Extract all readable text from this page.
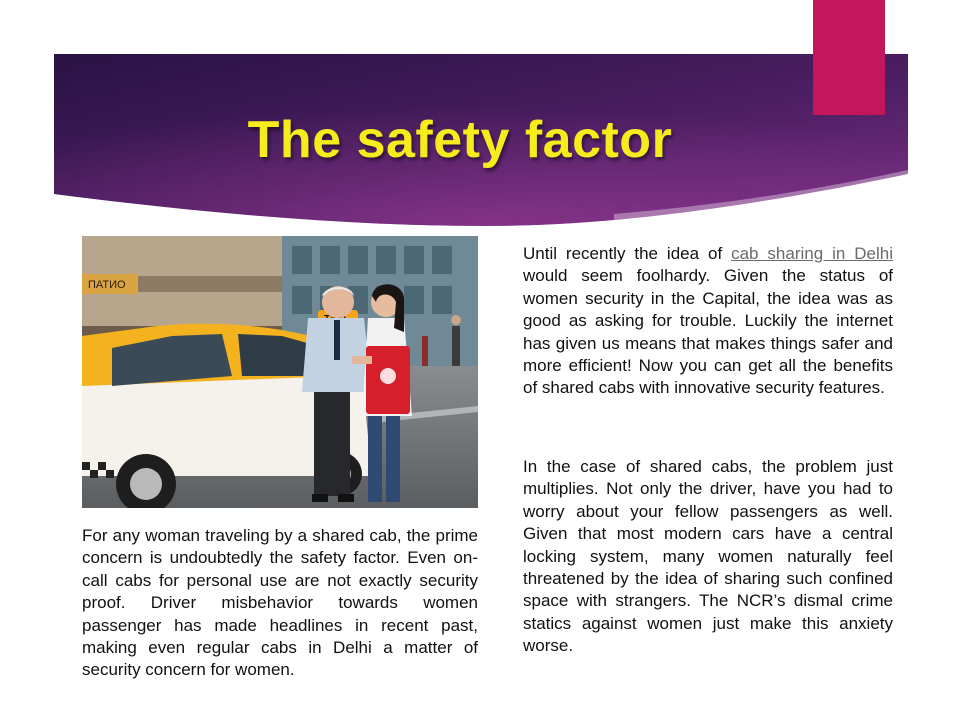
The safety factor
ПАТИО

For any woman traveling by a shared cab, the prime concern is undoubtedly the safety factor. Even on-call cabs for personal use are not exactly security proof. Driver misbehavior towards women passenger has made headlines in recent past, making even regular cabs in Delhi a matter of security concern for women.

Until recently the idea of cab sharing in Delhi would seem foolhardy. Given the status of women security in the Capital, the idea was as good as asking for trouble. Luckily the internet has given us means that makes things safer and more efficient! Now you can get all the benefits of shared cabs with innovative security features.

In the case of shared cabs, the problem just multiplies. Not only the driver, have you had to worry about your fellow passengers as well. Given that most modern cars have a central locking system, many women naturally feel threatened by the idea of sharing such confined space with strangers. The NCR’s dismal crime statics against women just make this anxiety worse.
